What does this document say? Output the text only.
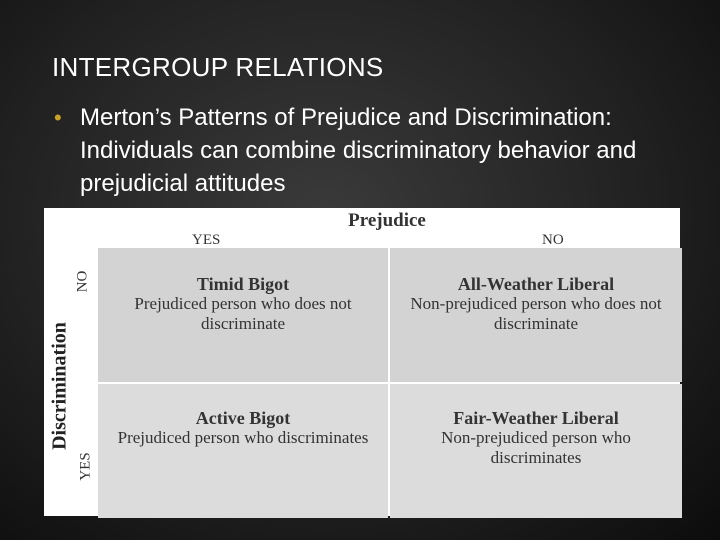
INTERGROUP RELATIONS
• Merton’s Patterns of Prejudice and Discrimination: Individuals can combine discriminatory behavior and prejudicial attitudes
Prejudice
YES	NO
Discrimination
NO
YES
Timid Bigot
Prejudiced person who does not discriminate
All-Weather Liberal
Non-prejudiced person who does not discriminate
Active Bigot
Prejudiced person who discriminates
Fair-Weather Liberal
Non-prejudiced person who discriminates
